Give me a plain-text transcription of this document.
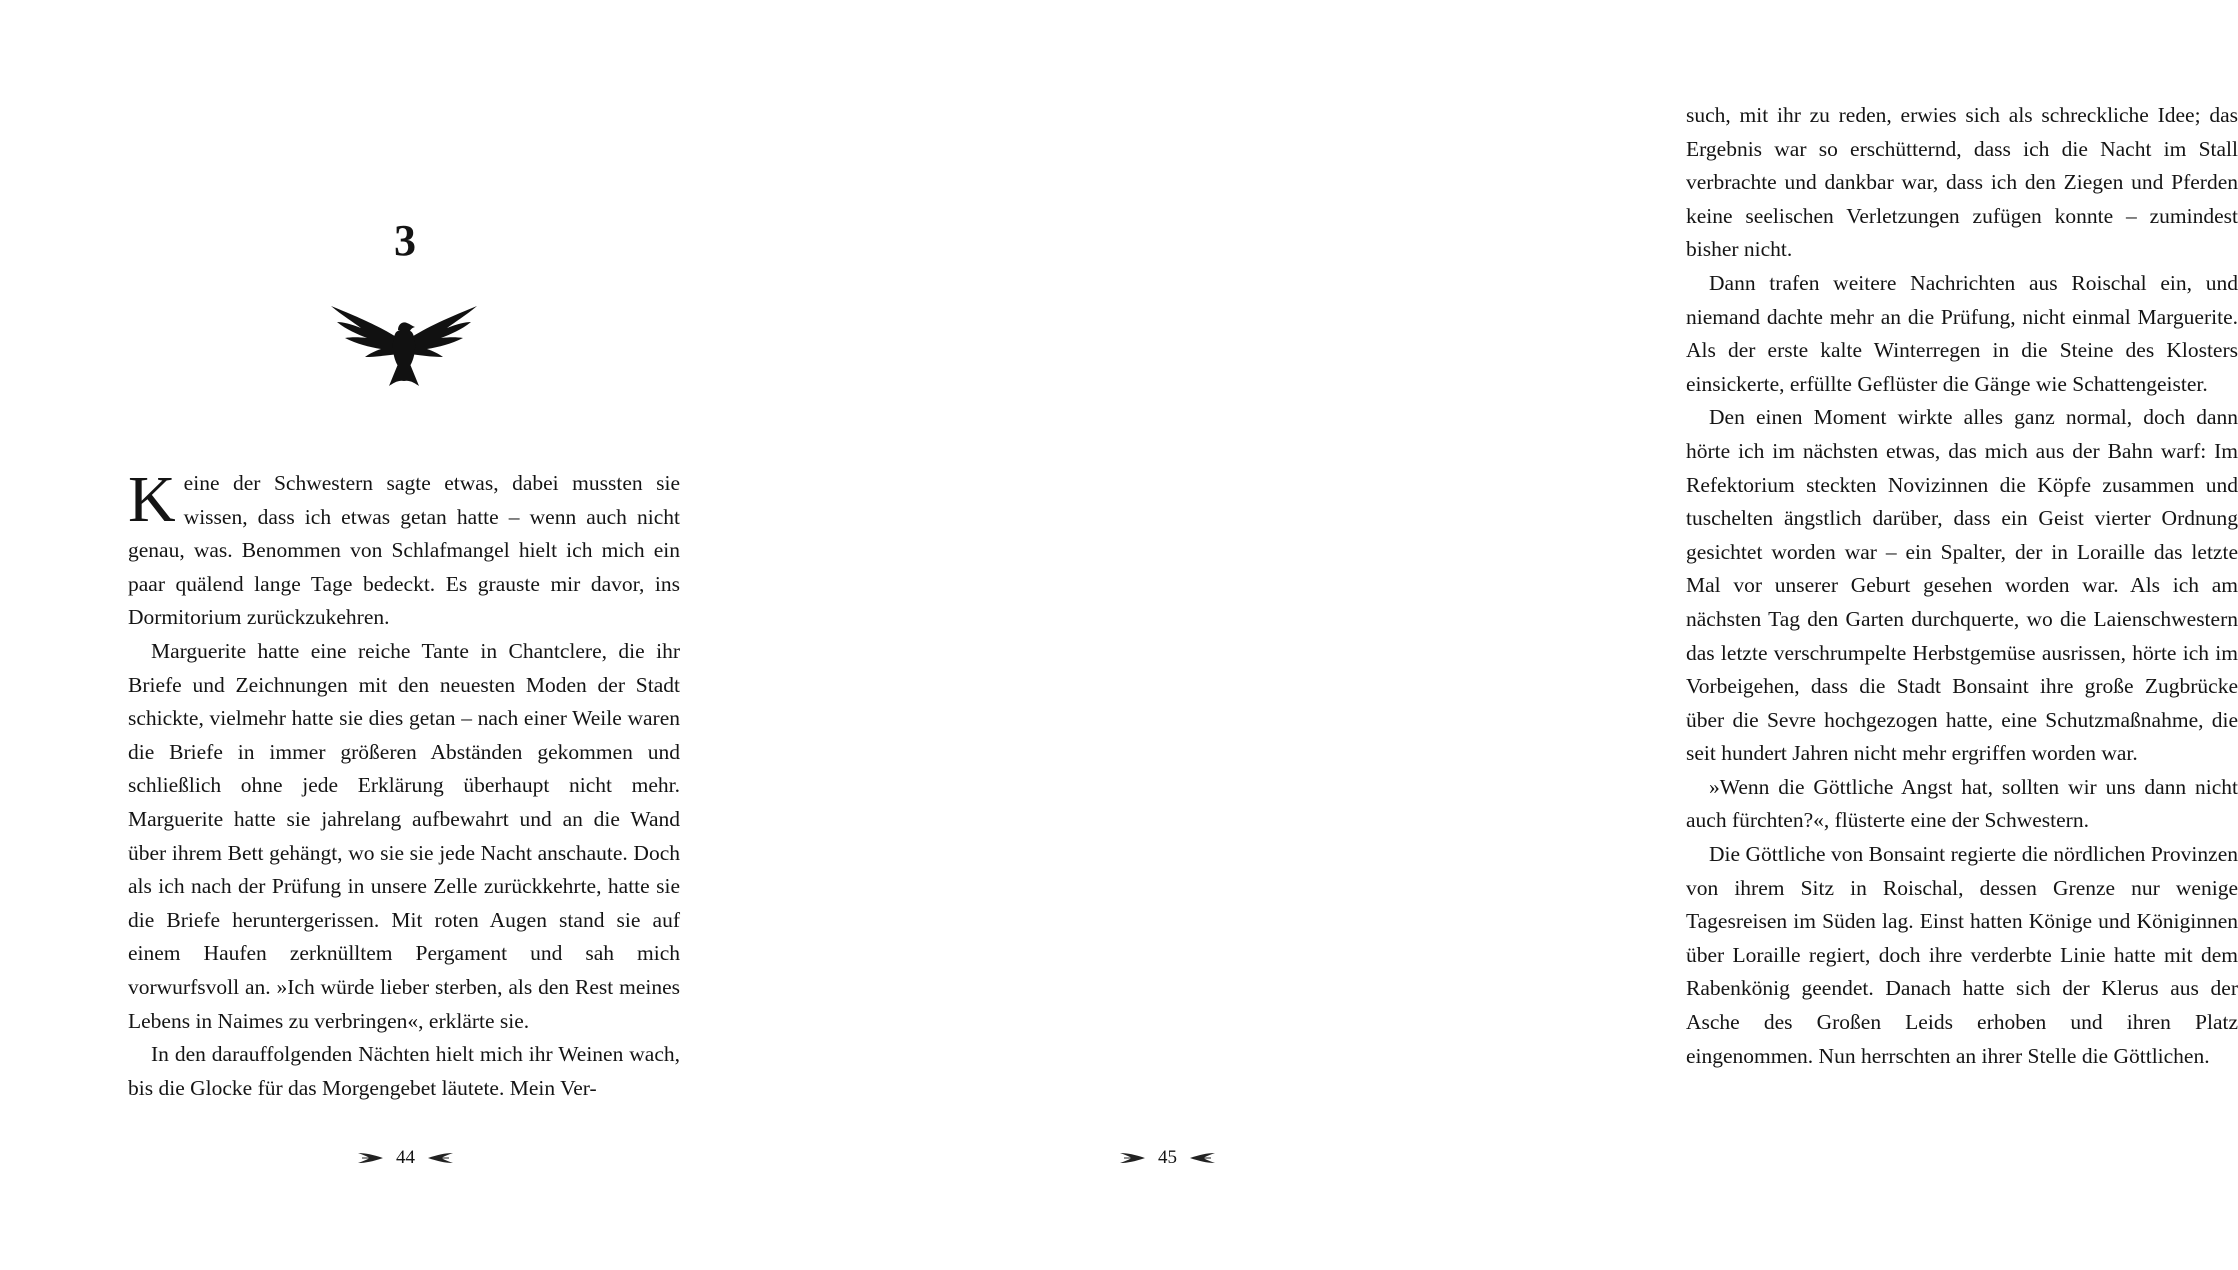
3

Keine der Schwestern sagte etwas, dabei mussten sie wissen, dass ich etwas getan hatte – wenn auch nicht genau, was. Benommen von Schlafmangel hielt ich mich ein paar quälend lange Tage bedeckt. Es grauste mir davor, ins Dormitorium zurückzukehren.

Marguerite hatte eine reiche Tante in Chantclere, die ihr Briefe und Zeichnungen mit den neuesten Moden der Stadt schickte, vielmehr hatte sie dies getan – nach einer Weile waren die Briefe in immer größeren Abständen gekommen und schließlich ohne jede Erklärung überhaupt nicht mehr. Marguerite hatte sie jahrelang aufbewahrt und an die Wand über ihrem Bett gehängt, wo sie sie jede Nacht anschaute. Doch als ich nach der Prüfung in unsere Zelle zurückkehrte, hatte sie die Briefe heruntergerissen. Mit roten Augen stand sie auf einem Haufen zerknülltem Pergament und sah mich vorwurfsvoll an. »Ich würde lieber sterben, als den Rest meines Lebens in Naimes zu verbringen«, erklärte sie.

In den darauffolgenden Nächten hielt mich ihr Weinen wach, bis die Glocke für das Morgengebet läutete. Mein Ver-

44

such, mit ihr zu reden, erwies sich als schreckliche Idee; das Ergebnis war so erschütternd, dass ich die Nacht im Stall verbrachte und dankbar war, dass ich den Ziegen und Pferden keine seelischen Verletzungen zufügen konnte – zumindest bisher nicht.

Dann trafen weitere Nachrichten aus Roischal ein, und niemand dachte mehr an die Prüfung, nicht einmal Marguerite. Als der erste kalte Winterregen in die Steine des Klosters einsickerte, erfüllte Geflüster die Gänge wie Schattengeister.

Den einen Moment wirkte alles ganz normal, doch dann hörte ich im nächsten etwas, das mich aus der Bahn warf: Im Refektorium steckten Novizinnen die Köpfe zusammen und tuschelten ängstlich darüber, dass ein Geist vierter Ordnung gesichtet worden war – ein Spalter, der in Loraille das letzte Mal vor unserer Geburt gesehen worden war. Als ich am nächsten Tag den Garten durchquerte, wo die Laienschwestern das letzte verschrumpelte Herbstgemüse ausrissen, hörte ich im Vorbeigehen, dass die Stadt Bonsaint ihre große Zugbrücke über die Sevre hochgezogen hatte, eine Schutzmaßnahme, die seit hundert Jahren nicht mehr ergriffen worden war.

»Wenn die Göttliche Angst hat, sollten wir uns dann nicht auch fürchten?«, flüsterte eine der Schwestern.

Die Göttliche von Bonsaint regierte die nördlichen Provinzen von ihrem Sitz in Roischal, dessen Grenze nur wenige Tagesreisen im Süden lag. Einst hatten Könige und Königinnen über Loraille regiert, doch ihre verderbte Linie hatte mit dem Rabenkönig geendet. Danach hatte sich der Klerus aus der Asche des Großen Leids erhoben und ihren Platz eingenommen. Nun herrschten an ihrer Stelle die Göttlichen.

45
